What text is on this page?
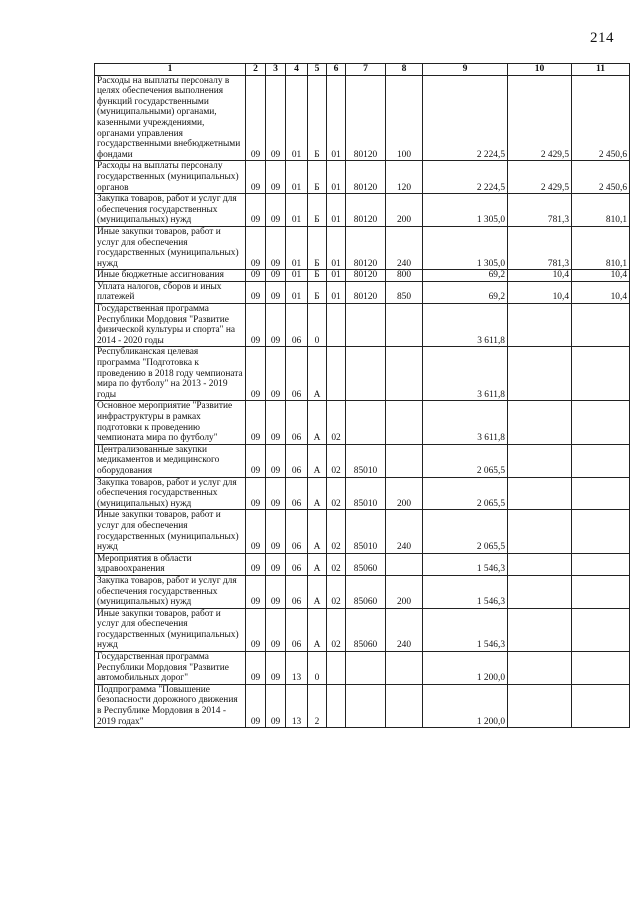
214
1	2	3	4	5	6	7	8	9	10	11
Расходы на выплаты персоналу в целях обеспечения выполнения функций государственными (муниципальными) органами, казенными учреждениями, органами управления государственными внебюджетными фондами	09	09	01	Б	01	80120	100	2 224,5	2 429,5	2 450,6
Расходы на выплаты персоналу государственных (муниципальных) органов	09	09	01	Б	01	80120	120	2 224,5	2 429,5	2 450,6
Закупка товаров, работ и услуг для обеспечения государственных (муниципальных) нужд	09	09	01	Б	01	80120	200	1 305,0	781,3	810,1
Иные закупки товаров, работ и услуг для обеспечения государственных (муниципальных) нужд	09	09	01	Б	01	80120	240	1 305,0	781,3	810,1
Иные бюджетные ассигнования	09	09	01	Б	01	80120	800	69,2	10,4	10,4
Уплата налогов, сборов и иных платежей	09	09	01	Б	01	80120	850	69,2	10,4	10,4
Государственная программа Республики Мордовия "Развитие физической культуры и спорта" на 2014 - 2020 годы	09	09	06	0				3 611,8		
Республиканская целевая программа "Подготовка к проведению в 2018 году чемпионата мира по футболу" на 2013 - 2019 годы	09	09	06	А				3 611,8		
Основное мероприятие "Развитие инфраструктуры в рамках подготовки к проведению чемпионата мира по футболу"	09	09	06	А	02			3 611,8		
Централизованные закупки медикаментов и медицинского оборудования	09	09	06	А	02	85010		2 065,5		
Закупка товаров, работ и услуг для обеспечения государственных (муниципальных) нужд	09	09	06	А	02	85010	200	2 065,5		
Иные закупки товаров, работ и услуг для обеспечения государственных (муниципальных) нужд	09	09	06	А	02	85010	240	2 065,5		
Мероприятия в области здравоохранения	09	09	06	А	02	85060		1 546,3		
Закупка товаров, работ и услуг для обеспечения государственных (муниципальных) нужд	09	09	06	А	02	85060	200	1 546,3		
Иные закупки товаров, работ и услуг для обеспечения государственных (муниципальных) нужд	09	09	06	А	02	85060	240	1 546,3		
Государственная программа Республики Мордовия "Развитие автомобильных дорог"	09	09	13	0				1 200,0		
Подпрограмма "Повышение безопасности дорожного движения в Республике Мордовия в 2014 - 2019 годах"	09	09	13	2				1 200,0		
